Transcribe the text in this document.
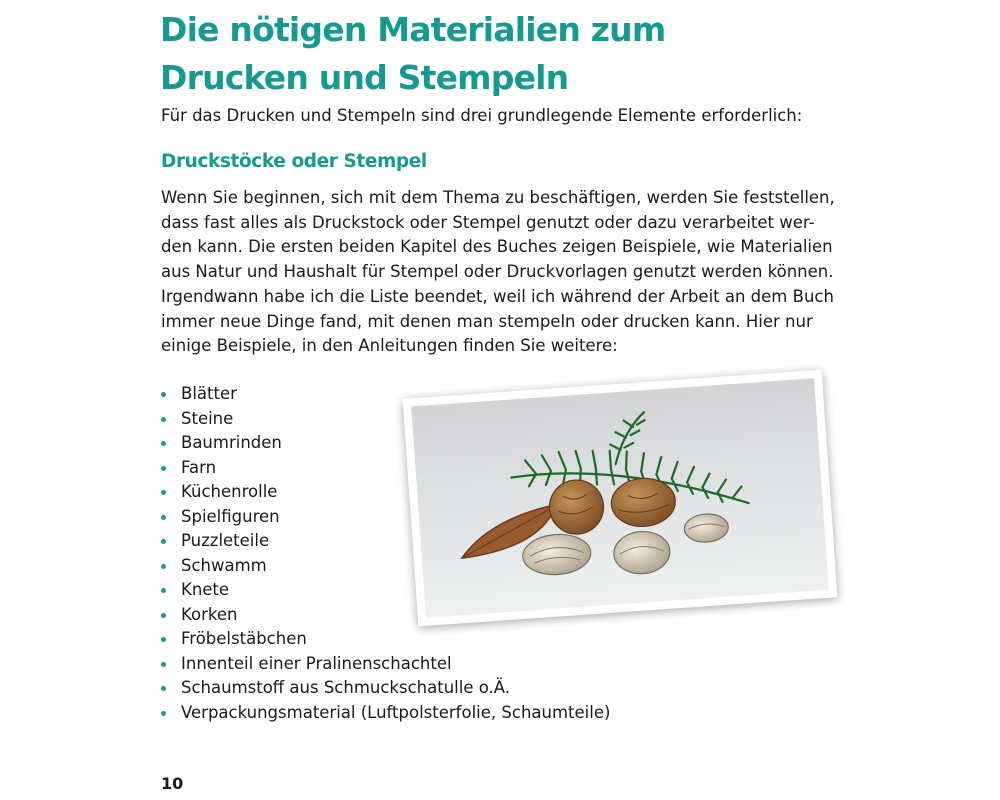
Die nötigen Materialien zum Drucken und Stempeln

Für das Drucken und Stempeln sind drei grundlegende Elemente erforderlich:

Druckstöcke oder Stempel
Wenn Sie beginnen, sich mit dem Thema zu beschäftigen, werden Sie feststellen,
dass fast alles als Druckstock oder Stempel genutzt oder dazu verarbeitet wer-
den kann. Die ersten beiden Kapitel des Buches zeigen Beispiele, wie Materialien
aus Natur und Haushalt für Stempel oder Druckvorlagen genutzt werden können.
Irgendwann habe ich die Liste beendet, weil ich während der Arbeit an dem Buch
immer neue Dinge fand, mit denen man stempeln oder drucken kann. Hier nur
einige Beispiele, in den Anleitungen finden Sie weitere:
Blätter
Steine
Baumrinden
Farn
Küchenrolle
Spielfiguren
Puzzleteile
Schwamm
Knete
Korken
Fröbelstäbchen
Innenteil einer Pralinenschachtel
Schaumstoff aus Schmuckschatulle o.Ä.
Verpackungsmaterial (Luftpolsterfolie, Schaumteile)

10
